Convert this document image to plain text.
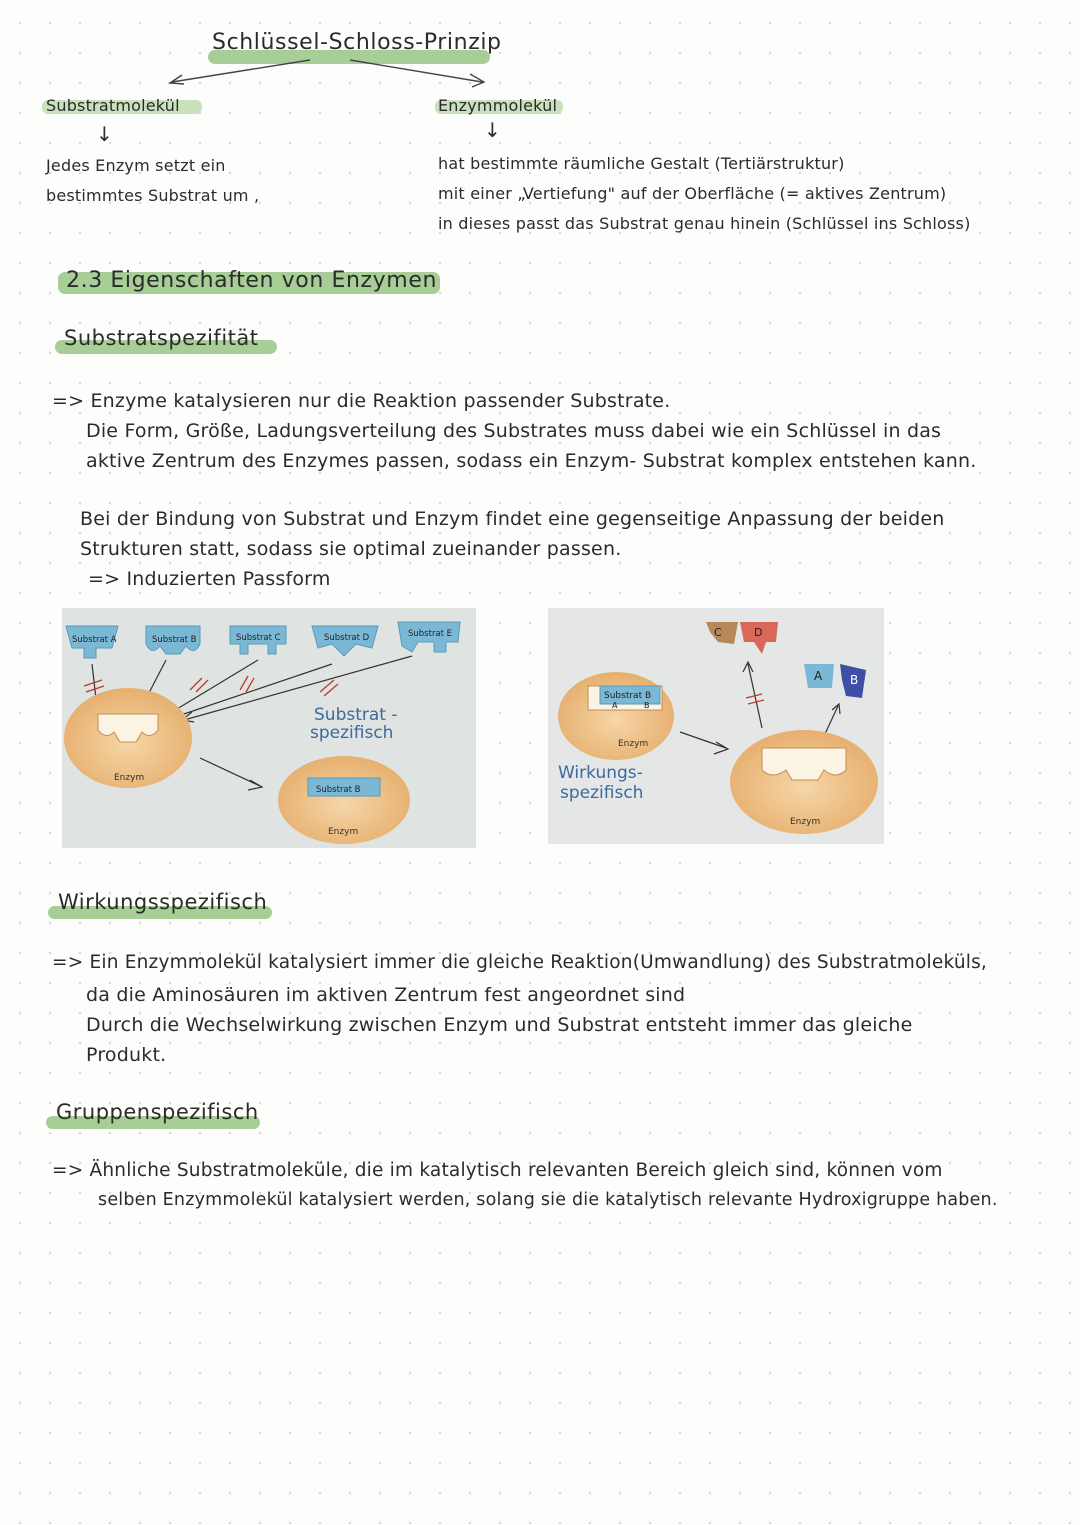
Schlüssel-Schloss-Prinzip
Substratmolekül
↓
Jedes Enzym setzt ein
bestimmtes Substrat um ,
Enzymmolekül
↓
hat bestimmte räumliche Gestalt (Tertiärstruktur)
mit einer „Vertiefung" auf der Oberfläche (= aktives Zentrum)
in dieses passt das Substrat genau hinein (Schlüssel ins Schloss)
2.3 Eigenschaften von Enzymen
Substratspezifität
=> Enzyme katalysieren nur die Reaktion passender Substrate.
Die Form, Größe, Ladungsverteilung des Substrates muss dabei wie ein Schlüssel in das
aktive Zentrum des Enzymes passen, sodass ein Enzym- Substrat komplex entstehen kann.
Bei der Bindung von Substrat und Enzym findet eine gegenseitige Anpassung der beiden
Strukturen statt, sodass sie optimal zueinander passen.
=> Induzierten Passform
Substrat A	Substrat B	Substrat C	Substrat D	Substrat E
Enzym
Substrat B
Enzym
Substrat -
spezifisch
Substrat B
A	B
Enzym
C	D
A B
Enzym
Wirkungs-
spezifisch
Wirkungsspezifisch
=> Ein Enzymmolekül katalysiert immer die gleiche Reaktion(Umwandlung) des Substratmoleküls,
da die Aminosäuren im aktiven Zentrum fest angeordnet sind
Durch die Wechselwirkung zwischen Enzym und Substrat entsteht immer das gleiche
Produkt.
Gruppenspezifisch
=> Ähnliche Substratmoleküle, die im katalytisch relevanten Bereich gleich sind, können vom
selben Enzymmolekül katalysiert werden, solang sie die katalytisch relevante Hydroxigruppe haben.
